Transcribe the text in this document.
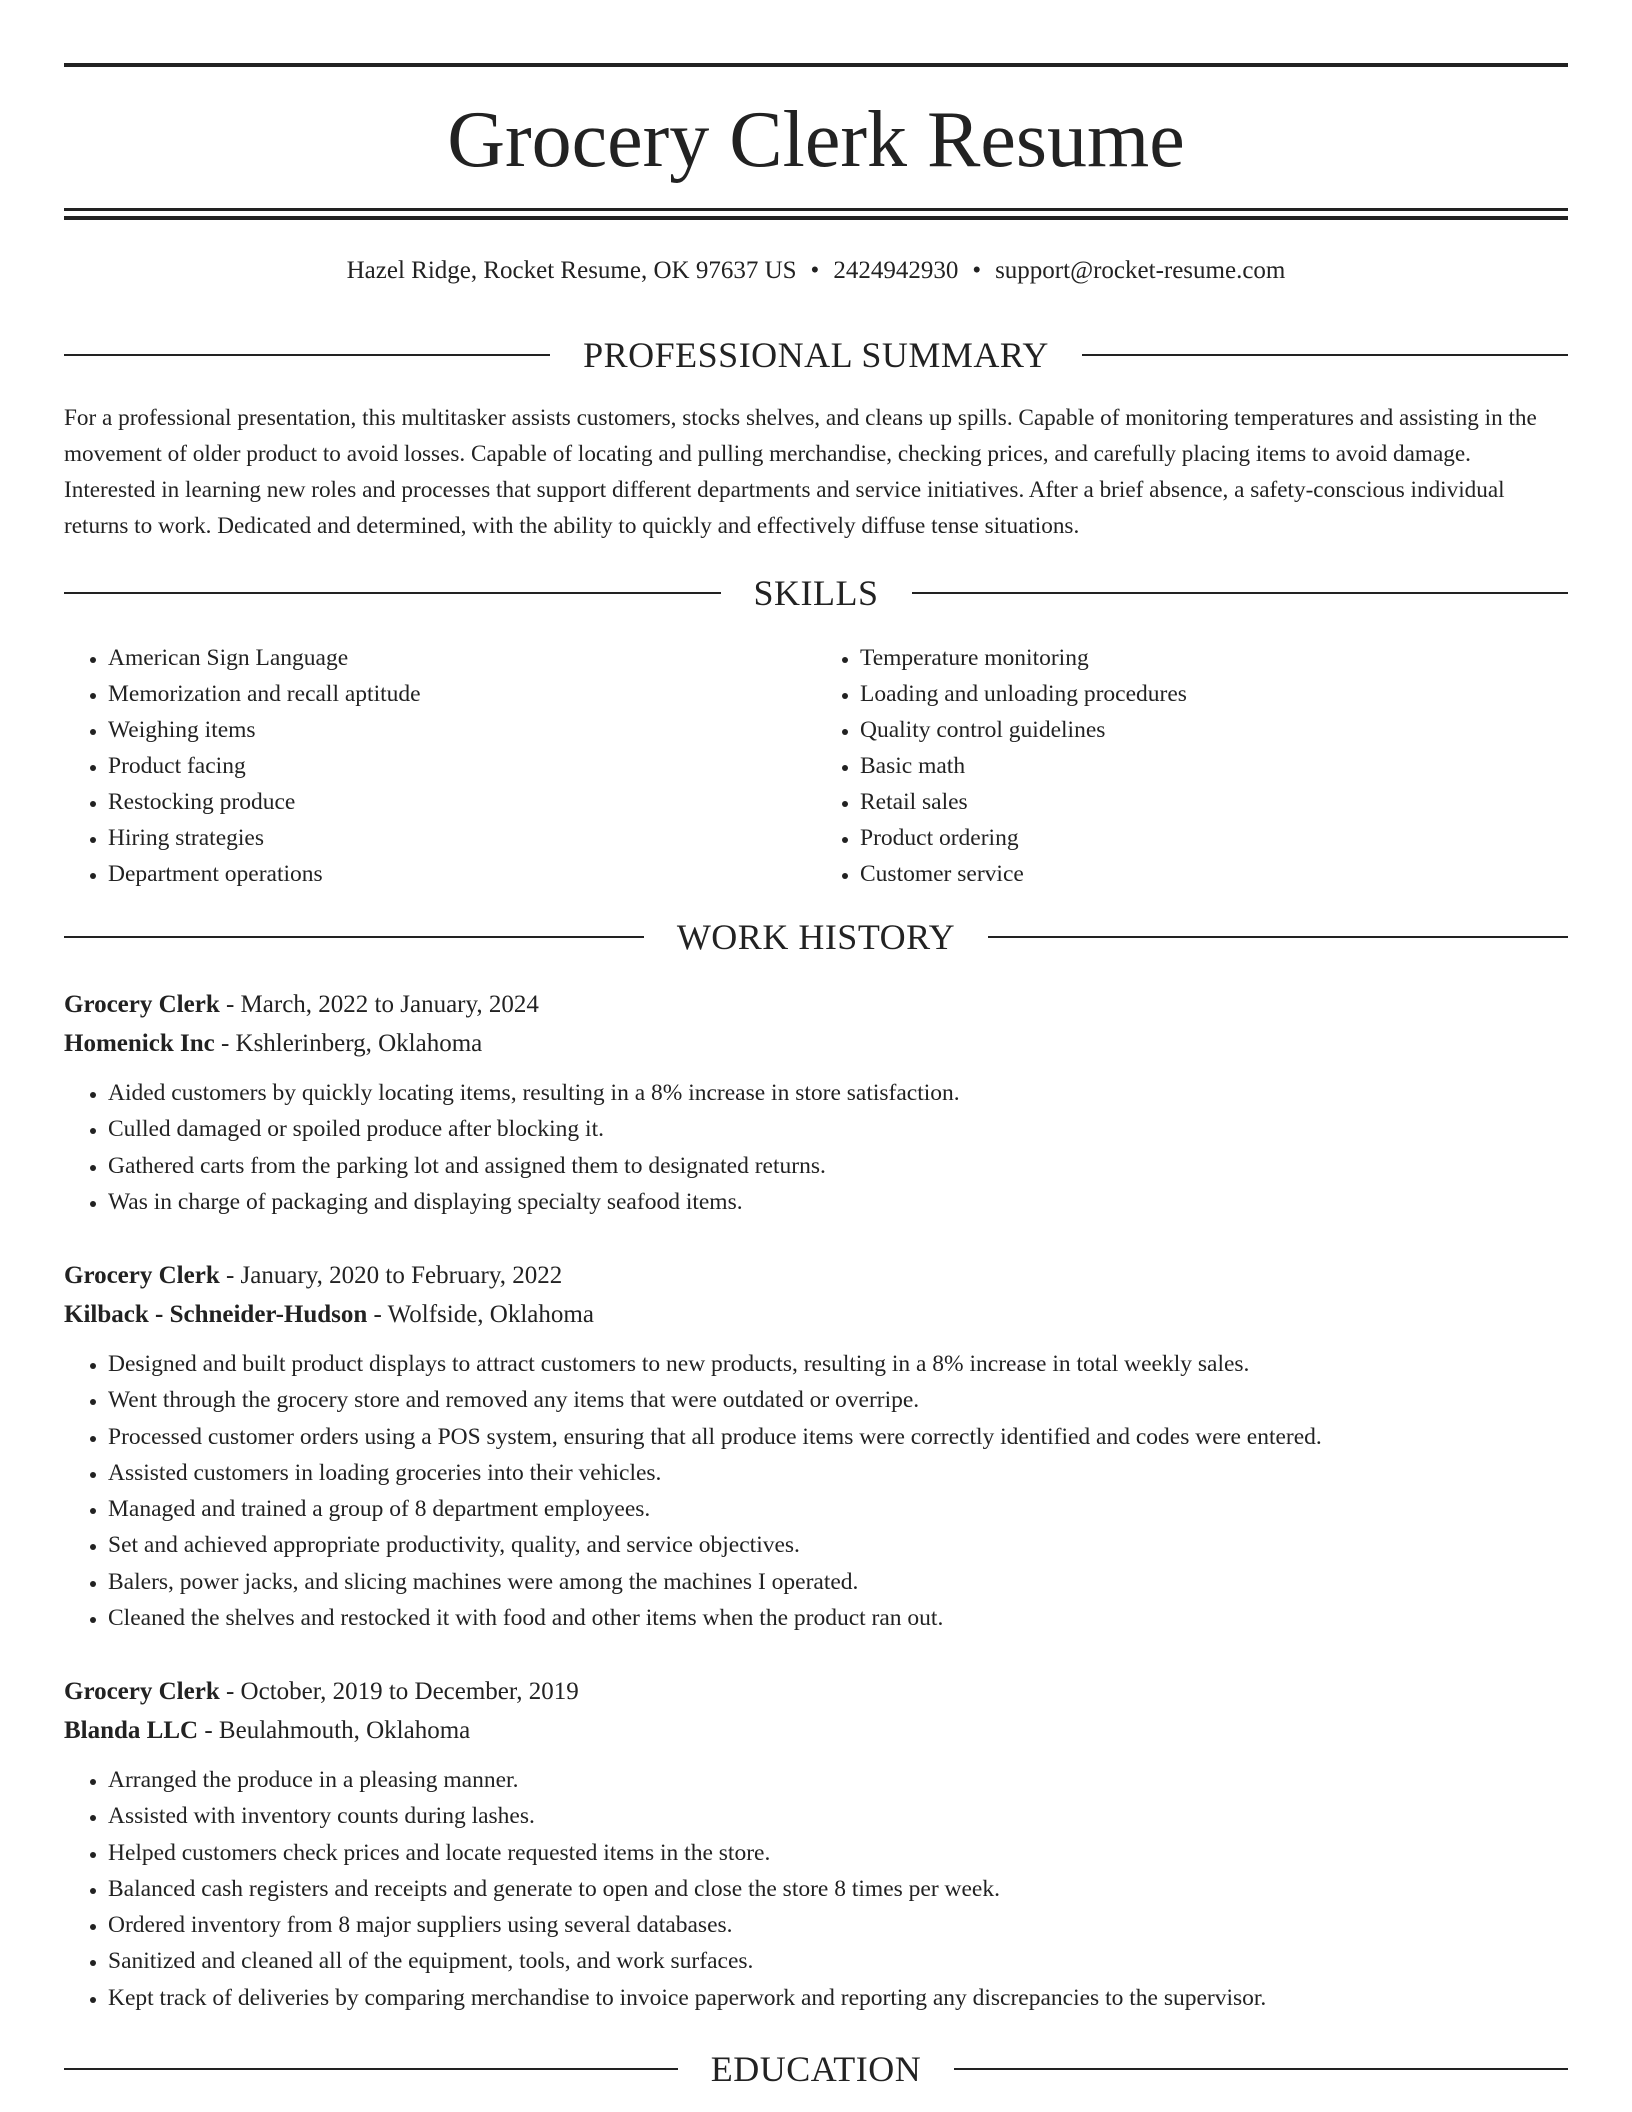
Grocery Clerk Resume
Hazel Ridge, Rocket Resume, OK 97637 US • 2424942930 • support@rocket-resume.com
PROFESSIONAL SUMMARY

For a professional presentation, this multitasker assists customers, stocks shelves, and cleans up spills. Capable of monitoring temperatures and assisting in the movement of older product to avoid losses. Capable of locating and pulling merchandise, checking prices, and carefully placing items to avoid damage. Interested in learning new roles and processes that support different departments and service initiatives. After a brief absence, a safety-conscious individual returns to work. Dedicated and determined, with the ability to quickly and effectively diffuse tense situations.

SKILLS
• American Sign Language
• Memorization and recall aptitude
• Weighing items
• Product facing
• Restocking produce
• Hiring strategies
• Department operations
• Temperature monitoring
• Loading and unloading procedures
• Quality control guidelines
• Basic math
• Retail sales
• Product ordering
• Customer service
WORK HISTORY
Grocery Clerk - March, 2022 to January, 2024
Homenick Inc - Kshlerinberg, Oklahoma
• Aided customers by quickly locating items, resulting in a 8% increase in store satisfaction.
• Culled damaged or spoiled produce after blocking it.
• Gathered carts from the parking lot and assigned them to designated returns.
• Was in charge of packaging and displaying specialty seafood items.
Grocery Clerk - January, 2020 to February, 2022
Kilback - Schneider-Hudson - Wolfside, Oklahoma
• Designed and built product displays to attract customers to new products, resulting in a 8% increase in total weekly sales.
• Went through the grocery store and removed any items that were outdated or overripe.
• Processed customer orders using a POS system, ensuring that all produce items were correctly identified and codes were entered.
• Assisted customers in loading groceries into their vehicles.
• Managed and trained a group of 8 department employees.
• Set and achieved appropriate productivity, quality, and service objectives.
• Balers, power jacks, and slicing machines were among the machines I operated.
• Cleaned the shelves and restocked it with food and other items when the product ran out.
Grocery Clerk - October, 2019 to December, 2019
Blanda LLC - Beulahmouth, Oklahoma
• Arranged the produce in a pleasing manner.
• Assisted with inventory counts during lashes.
• Helped customers check prices and locate requested items in the store.
• Balanced cash registers and receipts and generate to open and close the store 8 times per week.
• Ordered inventory from 8 major suppliers using several databases.
• Sanitized and cleaned all of the equipment, tools, and work surfaces.
• Kept track of deliveries by comparing merchandise to invoice paperwork and reporting any discrepancies to the supervisor.
EDUCATION
